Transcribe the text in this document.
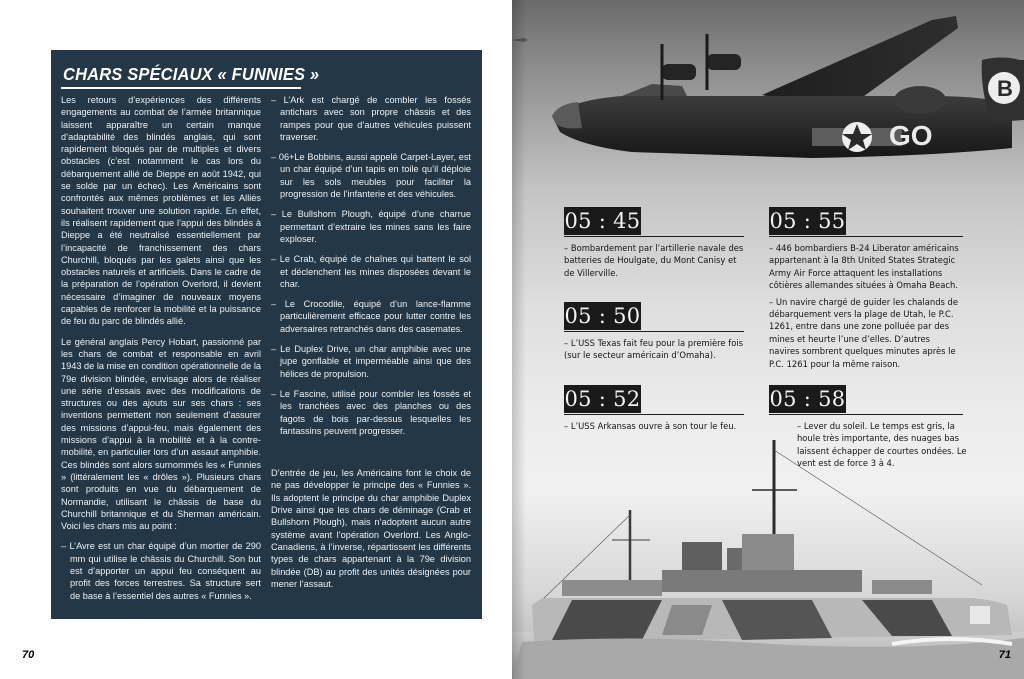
CHARS SPÉCIAUX « FUNNIES »

Les retours d’expériences des différents engagements au combat de l’armée britannique laissent apparaître un certain manque d’adaptabilité des blindés anglais, qui sont rapidement bloqués par de multiples et divers obstacles (c’est notamment le cas lors du débarquement allié de Dieppe en août 1942, qui se solde par un échec). Les Américains sont confrontés aux mêmes problèmes et les Alliés souhaitent trouver une solution rapide. En effet, ils réalisent rapidement que l’appui des blindés à Dieppe a été neutralisé essentiellement par l’incapacité de franchissement des chars Churchill, bloqués par les galets ainsi que les obstacles naturels et artificiels. Dans le cadre de la préparation de l’opération Overlord, il devient nécessaire d’imaginer de nouveaux moyens capables de renforcer la mobilité et la puissance de feu du parc de blindés allié.

Le général anglais Percy Hobart, passionné par les chars de combat et responsable en avril 1943 de la mise en condition opérationnelle de la 79e division blindée, envisage alors de réaliser une série d’essais avec des modifications de structures ou des ajouts sur ses chars : ses inventions permettent non seulement d’assurer des missions d’appui-feu, mais également des missions d’appui à la mobilité et à la contre-mobilité, en particulier lors d’un assaut amphibie. Ces blindés sont alors surnommés les « Funnies » (littéralement les « drôles »). Plusieurs chars sont produits en vue du débarquement de Normandie, utilisant le châssis de base du Churchill britannique et du Sherman américain. Voici les chars mis au point :

– L’Avre est un char équipé d’un mortier de 290 mm qui utilise le châssis du Churchill. Son but est d’apporter un appui feu conséquent au profit des forces terrestres. Sa structure sert de base à l’essentiel des autres « Funnies ».

– L’Ark est chargé de combler les fossés antichars avec son propre châssis et des rampes pour que d’autres véhicules puissent traverser.

– 06+Le Bobbins, aussi appelé Carpet-Layer, est un char équipé d’un tapis en toile qu’il déploie sur les sols meubles pour faciliter la progression de l’infanterie et des véhicules.

– Le Bullshorn Plough, équipé d’une charrue permettant d’extraire les mines sans les faire exploser.

– Le Crab, équipé de chaînes qui battent le sol et déclenchent les mines disposées devant le char.

– Le Crocodile, équipé d’un lance-flamme particulièrement efficace pour lutter contre les adversaires retranchés dans des casemates.

– Le Duplex Drive, un char amphibie avec une jupe gonflable et imperméable ainsi que des hélices de propulsion.

– Le Fascine, utilisé pour combler les fossés et les tranchées avec des planches ou des fagots de bois par-dessus lesquelles les fantassins peuvent progresser.

D’entrée de jeu, les Américains font le choix de ne pas développer le principe des « Funnies ». Ils adoptent le principe du char amphibie Duplex Drive ainsi que les chars de déminage (Crab et Bullshorn Plough), mais n’adoptent aucun autre système avant l’opération Overlord. Les Anglo-Canadiens, à l’inverse, répartissent les différents types de chars appartenant à la 79e division blindée (DB) au profit des unités désignées pour mener l’assaut.

70
B
GO
05 : 45

– Bombardement par l’artillerie navale des batteries de Houlgate, du Mont Canisy et de Villerville.

05 : 50

– L’USS Texas fait feu pour la première fois (sur le secteur américain d’Omaha).

05 : 52

– L’USS Arkansas ouvre à son tour le feu.

05 : 55

– 446 bombardiers B-24 Liberator américains appartenant à la 8th United States Strategic Army Air Force attaquent les installations côtières allemandes situées à Omaha Beach.

– Un navire chargé de guider les chalands de débarquement vers la plage de Utah, le P.C. 1261, entre dans une zone polluée par des mines et heurte l’une d’elles. D’autres navires sombrent quelques minutes après le P.C. 1261 pour la même raison.

05 : 58

– Lever du soleil. Le temps est gris, la houle très importante, des nuages bas laissent échapper de courtes ondées. Le vent est de force 3 à 4.

71
